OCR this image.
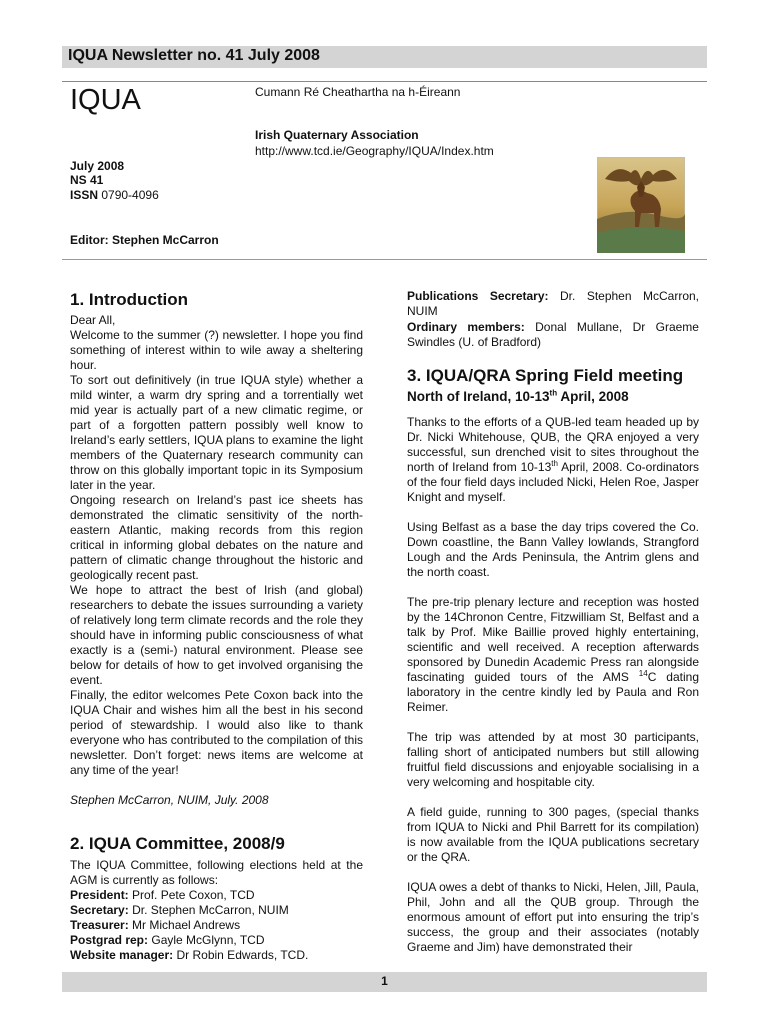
IQUA Newsletter no. 41 July 2008
IQUA	Cumann Ré Cheathartha na h-Éireann
Irish Quaternary Association
http://www.tcd.ie/Geography/IQUA/Index.htm
July 2008
NS 41
ISSN 0790-4096
Editor: Stephen McCarron
1. Introduction

Dear All,

Welcome to the summer (?) newsletter. I hope you find something of interest within to wile away a sheltering hour.

To sort out definitively (in true IQUA style) whether a mild winter, a warm dry spring and a torrentially wet mid year is actually part of a new climatic regime, or part of a forgotten pattern possibly well know to Ireland’s early settlers, IQUA plans to examine the light members of the Quaternary research community can throw on this globally important topic in its Symposium later in the year.

Ongoing research on Ireland’s past ice sheets has demonstrated the climatic sensitivity of the north-eastern Atlantic, making records from this region critical in informing global debates on the nature and pattern of climatic change throughout the historic and geologically recent past.

We hope to attract the best of Irish (and global) researchers to debate the issues surrounding a variety of relatively long term climate records and the role they should have in informing public consciousness of what exactly is a (semi-) natural environment. Please see below for details of how to get involved organising the event.

Finally, the editor welcomes Pete Coxon back into the IQUA Chair and wishes him all the best in his second period of stewardship. I would also like to thank everyone who has contributed to the compilation of this newsletter. Don’t forget: news items are welcome at any time of the year!

Stephen McCarron, NUIM, July. 2008

2. IQUA Committee, 2008/9

The IQUA Committee, following elections held at the AGM is currently as follows:

President: Prof. Pete Coxon, TCD
Secretary: Dr. Stephen McCarron, NUIM
Treasurer: Mr Michael Andrews
Postgrad rep: Gayle McGlynn, TCD
Website manager: Dr Robin Edwards, TCD.

Publications Secretary: Dr. Stephen McCarron, NUIM

Ordinary members: Donal Mullane, Dr Graeme Swindles (U. of Bradford)

3. IQUA/QRA Spring Field meeting
North of Ireland, 10-13th April, 2008

Thanks to the efforts of a QUB-led team headed up by Dr. Nicki Whitehouse, QUB, the QRA enjoyed a very successful, sun drenched visit to sites throughout the north of Ireland from 10-13th April, 2008. Co-ordinators of the four field days included Nicki, Helen Roe, Jasper Knight and myself.

Using Belfast as a base the day trips covered the Co. Down coastline, the Bann Valley lowlands, Strangford Lough and the Ards Peninsula, the Antrim glens and the north coast.

The pre-trip plenary lecture and reception was hosted by the 14Chronon Centre, Fitzwilliam St, Belfast and a talk by Prof. Mike Baillie proved highly entertaining, scientific and well received. A reception afterwards sponsored by Dunedin Academic Press ran alongside fascinating guided tours of the AMS $^{14}$C dating laboratory in the centre kindly led by Paula and Ron Reimer.

The trip was attended by at most 30 participants, falling short of anticipated numbers but still allowing fruitful field discussions and enjoyable socialising in a very welcoming and hospitable city.

A field guide, running to 300 pages, (special thanks from IQUA to Nicki and Phil Barrett for its compilation) is now available from the IQUA publications secretary or the QRA.

IQUA owes a debt of thanks to Nicki, Helen, Jill, Paula, Phil, John and all the QUB group. Through the enormous amount of effort put into ensuring the trip’s success, the group and their associates (notably Graeme and Jim) have demonstrated their

1
